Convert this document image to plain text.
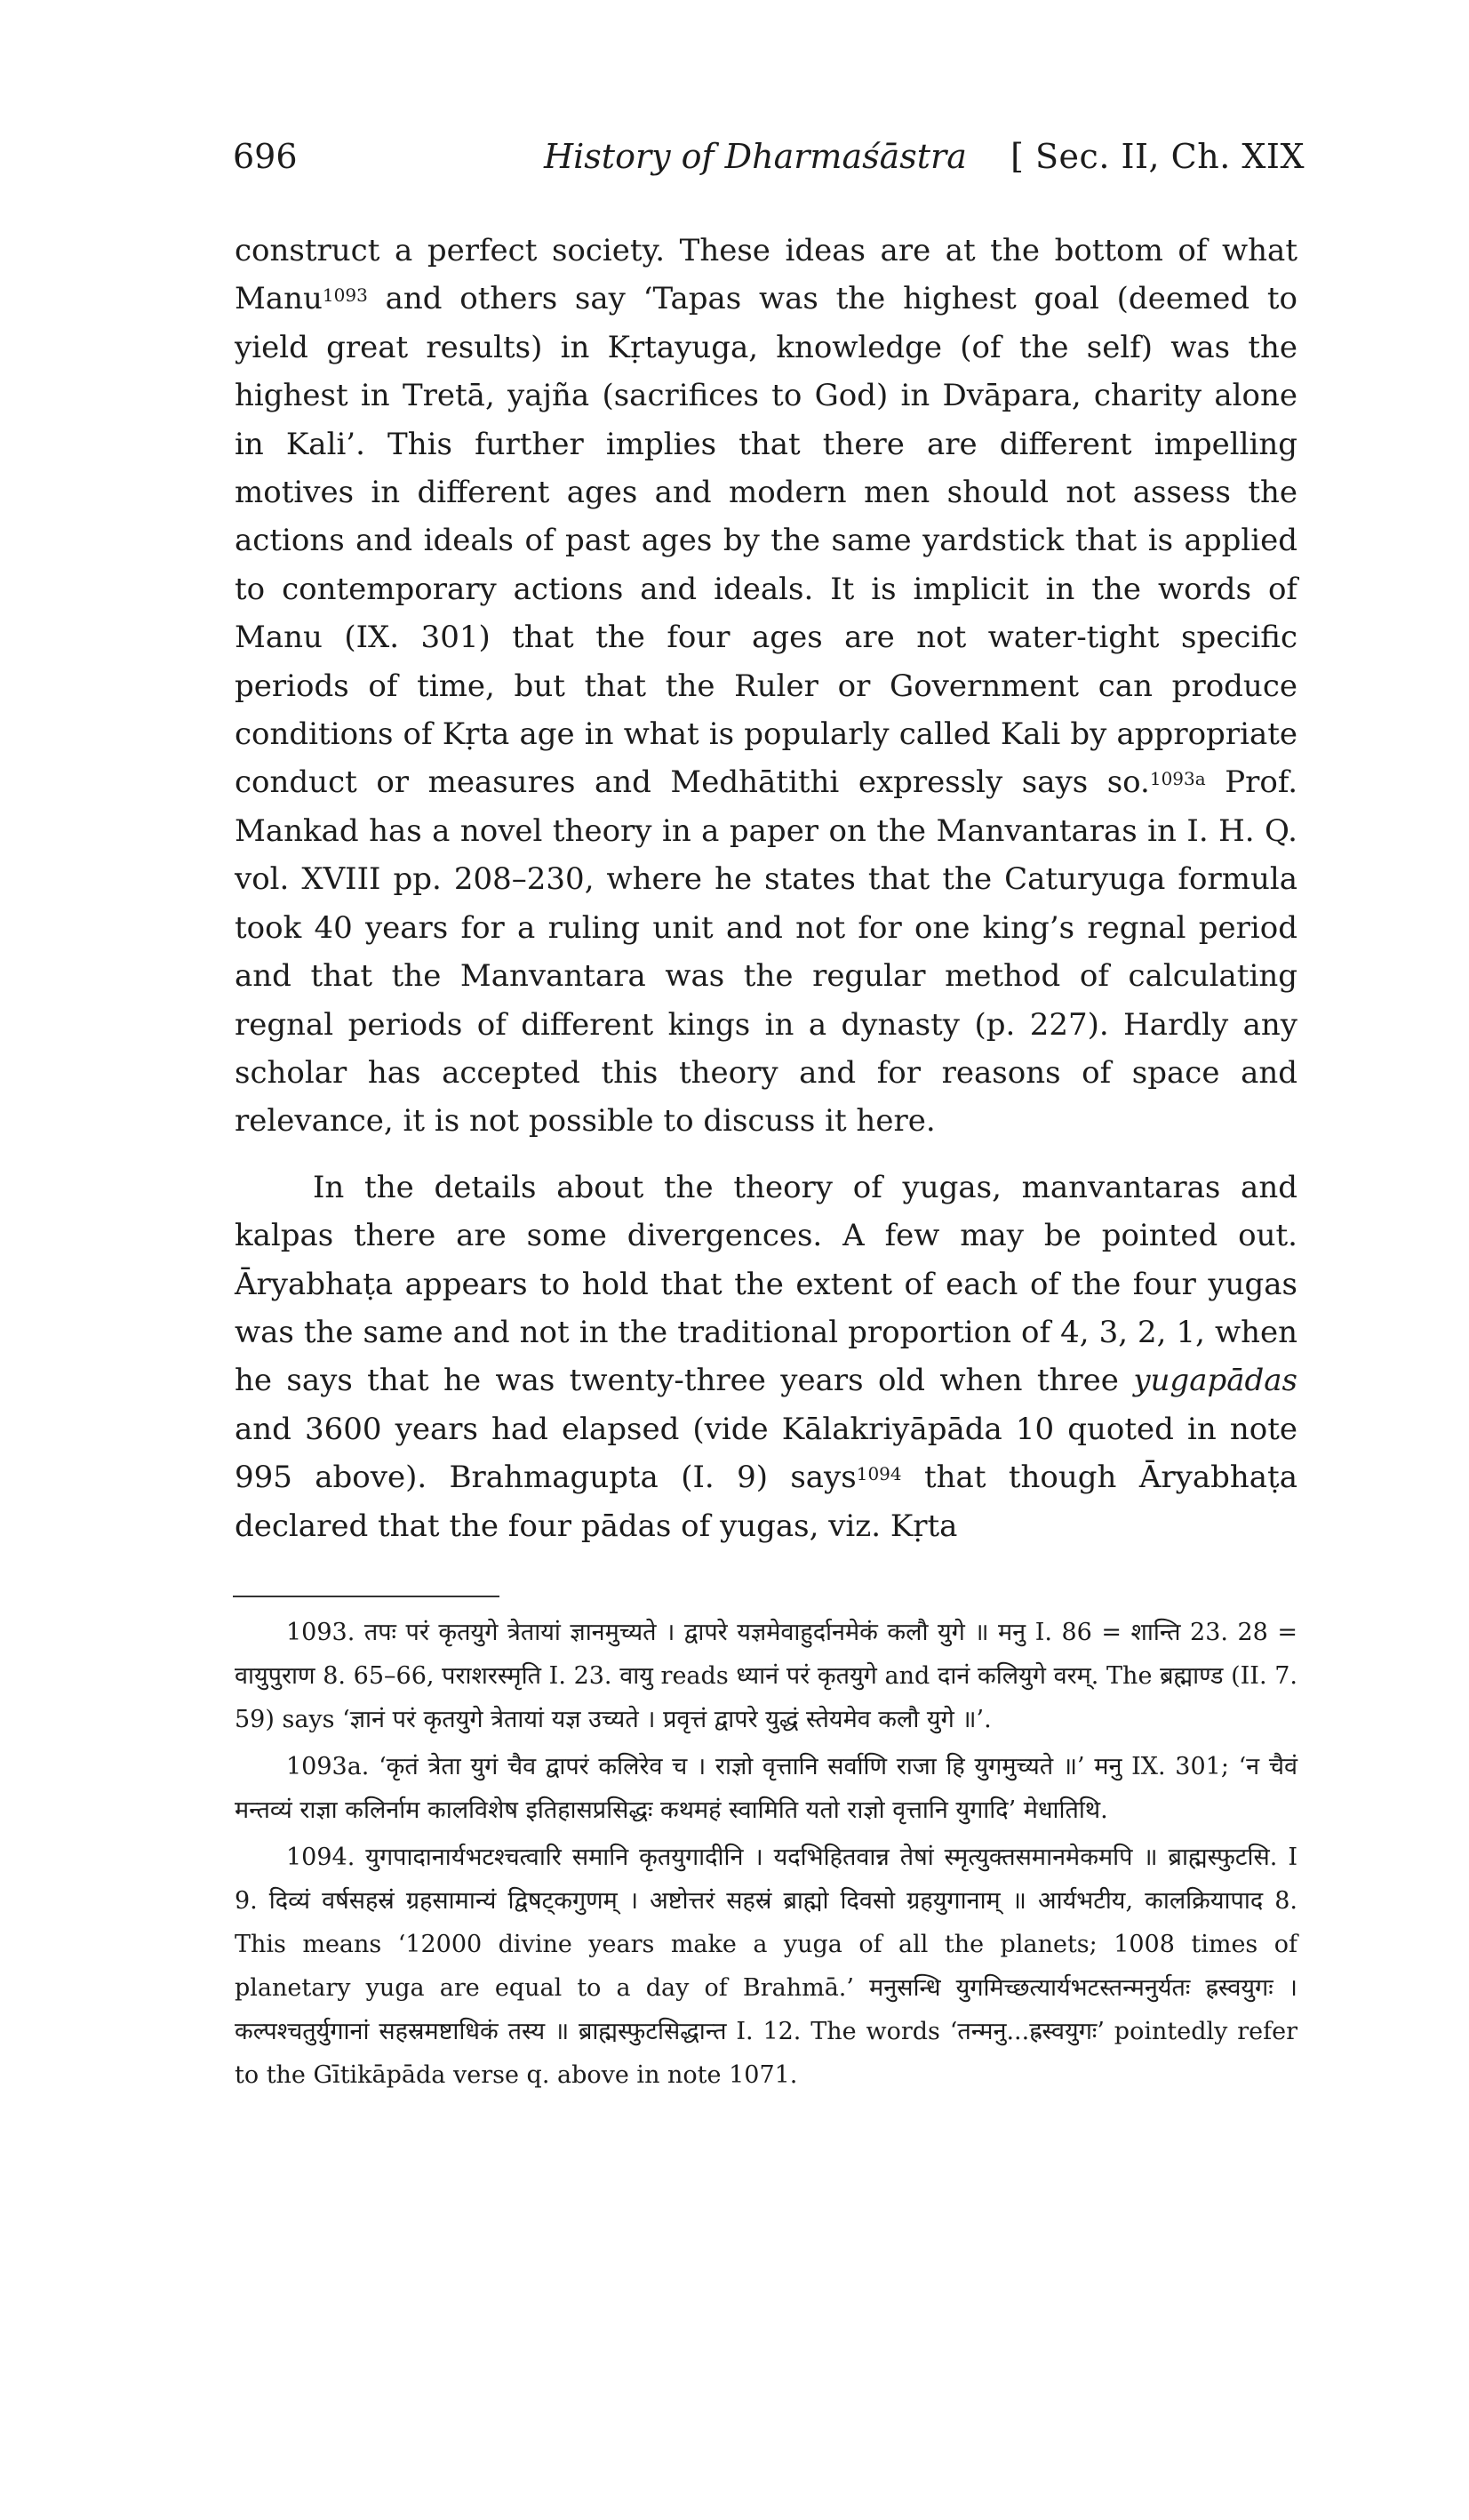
696	History of Dharmaśāstra [ Sec. II, Ch. XIX

construct a perfect society. These ideas are at the bottom of what Manu$^{1093}$ and others say ‘Tapas was the highest goal (deemed to yield great results) in Kṛtayuga, knowledge (of the self) was the highest in Tretā, yajña (sacrifices to God) in Dvāpara, charity alone in Kali’. This further implies that there are different impelling motives in different ages and modern men should not assess the actions and ideals of past ages by the same yardstick that is applied to contemporary actions and ideals. It is implicit in the words of Manu (IX. 301) that the four ages are not water-tight specific periods of time, but that the Ruler or Government can produce conditions of Kṛta age in what is popularly called Kali by appropriate conduct or measures and Medhātithi expressly says so.$^{1093a}$ Prof. Mankad has a novel theory in a paper on the Manvantaras in I. H. Q. vol. XVIII pp. 208–230, where he states that the Caturyuga formula took 40 years for a ruling unit and not for one king’s regnal period and that the Manvantara was the regular method of calculating regnal periods of different kings in a dynasty (p. 227). Hardly any scholar has accepted this theory and for reasons of space and relevance, it is not possible to discuss it here.

In the details about the theory of yugas, manvantaras and kalpas there are some divergences. A few may be pointed out. Āryabhaṭa appears to hold that the extent of each of the four yugas was the same and not in the traditional proportion of 4, 3, 2, 1, when he says that he was twenty-three years old when three yugapādas and 3600 years had elapsed (vide Kālakriyāpāda 10 quoted in note 995 above). Brahmagupta (I. 9) says$^{1094}$ that though Āryabhaṭa declared that the four pādas of yugas, viz. Kṛta

1093. तपः परं कृतयुगे त्रेतायां ज्ञानमुच्यते । द्वापरे यज्ञमेवाहुर्दानमेकं कलौ युगे ॥ मनु I. 86 = शान्ति 23. 28 = वायुपुराण 8. 65–66, पराशरस्मृति I. 23. वायु reads ध्यानं परं कृतयुगे and दानं कलियुगे वरम्. The ब्रह्माण्ड (II. 7. 59) says ‘ज्ञानं परं कृतयुगे त्रेतायां यज्ञ उच्यते । प्रवृत्तं द्वापरे युद्धं स्तेयमेव कलौ युगे ॥’.

1093a. ‘कृतं त्रेता युगं चैव द्वापरं कलिरेव च । राज्ञो वृत्तानि सर्वाणि राजा हि युगमुच्यते ॥’ मनु IX. 301; ‘न चैवं मन्तव्यं राज्ञा कलिर्नाम कालविशेष इतिहासप्रसिद्धः कथमहं स्वामिति यतो राज्ञो वृत्तानि युगादि’ मेधातिथि.

1094. युगपादानार्यभटश्चत्वारि समानि कृतयुगादीनि । यदभिहितवान्न तेषां स्मृत्युक्तसमानमेकमपि ॥ ब्राह्मस्फुटसि. I 9. दिव्यं वर्षसहस्रं ग्रहसामान्यं द्विषट्कगुणम् । अष्टोत्तरं सहस्रं ब्राह्मो दिवसो ग्रहयुगानाम् ॥ आर्यभटीय, कालक्रियापाद 8. This means ‘12000 divine years make a yuga of all the planets; 1008 times of planetary yuga are equal to a day of Brahmā.’ मनुसन्धि युगमिच्छत्यार्यभटस्तन्मनुर्यतः ह्रस्वयुगः । कल्पश्चतुर्युगानां सहस्रमष्टाधिकं तस्य ॥ ब्राह्मस्फुटसिद्धान्त I. 12. The words ‘तन्मनु...ह्रस्वयुगः’ pointedly refer to the Gītikāpāda verse q. above in note 1071.
